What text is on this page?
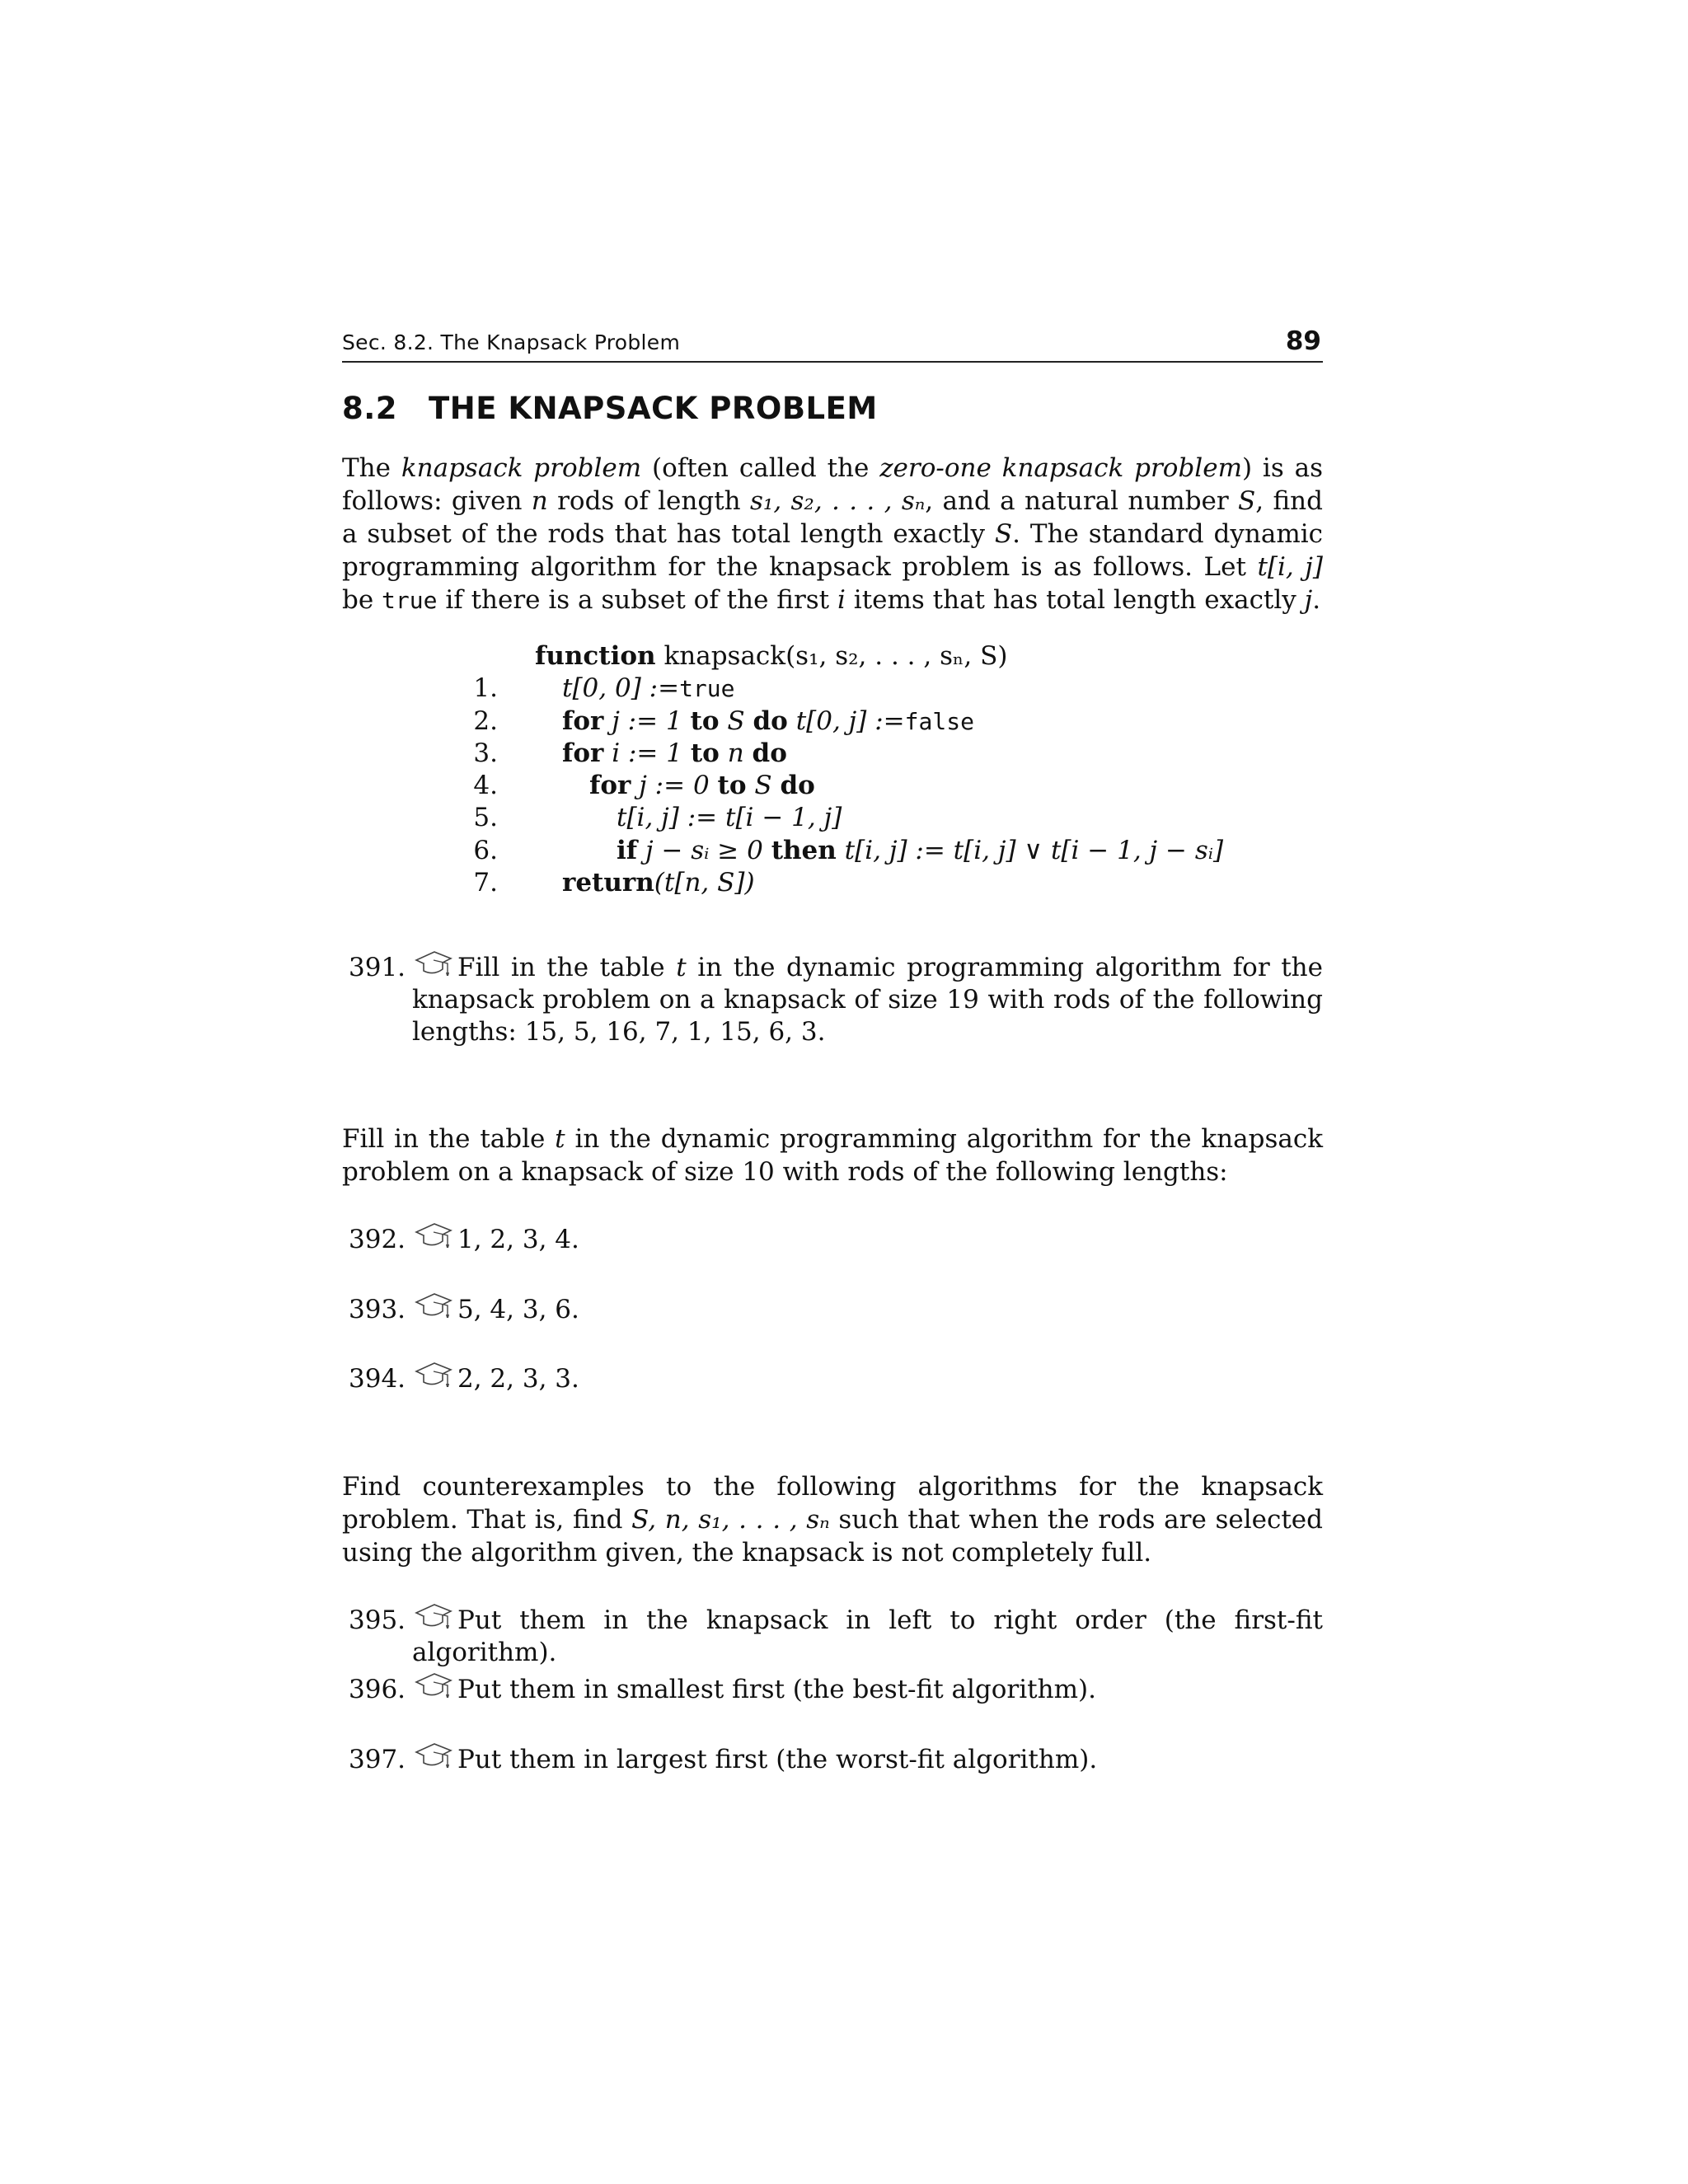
Sec. 8.2. The Knapsack Problem	89
8.2 THE KNAPSACK PROBLEM

The knapsack problem (often called the zero-one knapsack problem) is as follows: given n rods of length s₁, s₂, . . . , sₙ, and a natural number S, find a subset of the rods that has total length exactly S. The standard dynamic programming algorithm for the knapsack problem is as follows. Let t[i, j] be true if there is a subset of the first i items that has total length exactly j.

function knapsack(s₁, s₂, . . . , sₙ, S)
1.	t[0, 0] :=true
2.	for j := 1 to S do t[0, j] :=false
3.	for i := 1 to n do
4.	for j := 0 to S do
5.	t[i, j] := t[i − 1, j]
6.	if j − sᵢ ≥ 0 then t[i, j] := t[i, j] ∨ t[i − 1, j − sᵢ]
7.	return(t[n, S])
391.	Fill in the table t in the dynamic programming algorithm for the knapsack problem on a knapsack of size 19 with rods of the following lengths: 15, 5, 16, 7, 1, 15, 6, 3.

Fill in the table t in the dynamic programming algorithm for the knapsack problem on a knapsack of size 10 with rods of the following lengths:

392.	1, 2, 3, 4.
393.	5, 4, 3, 6.
394.	2, 2, 3, 3.

Find counterexamples to the following algorithms for the knapsack problem. That is, find S, n, s₁, . . . , sₙ such that when the rods are selected using the algorithm given, the knapsack is not completely full.

395.	Put them in the knapsack in left to right order (the first-fit algorithm).
396.	Put them in smallest first (the best-fit algorithm).
397.	Put them in largest first (the worst-fit algorithm).
